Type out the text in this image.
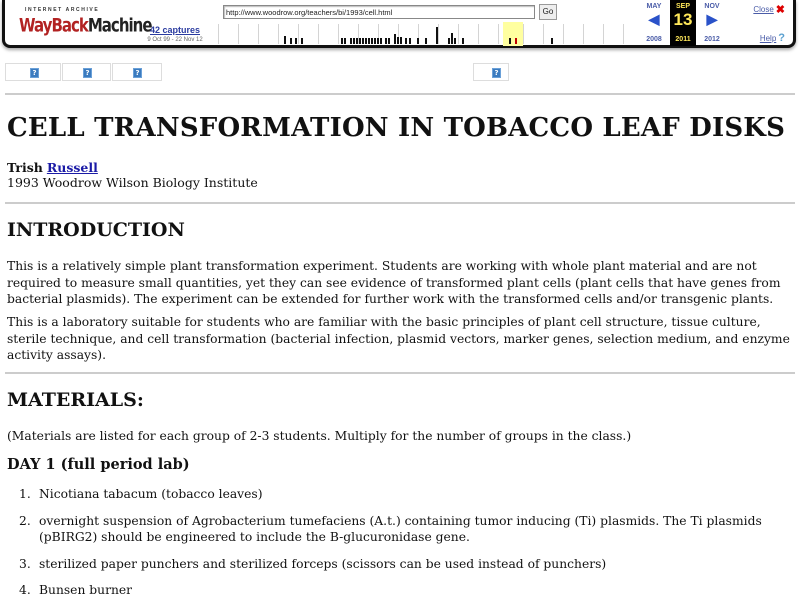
INTERNET ARCHIVE
WayBackMachine
42 captures
9 Oct 99 - 22 Nov 12
http://www.woodrow.org/teachers/bi/1993/cell.html
Go
MAY
◀
2008
SEP
13
2011
NOV
▶
2012
Close ✖
Help ?
?	?	?	?
CELL TRANSFORMATION IN TOBACCO LEAF DISKS
Trish Russell
1993 Woodrow Wilson Biology Institute
INTRODUCTION

This is a relatively simple plant transformation experiment. Students are working with whole plant material and are not required to measure small quantities, yet they can see evidence of transformed plant cells (plant cells that have genes from bacterial plasmids). The experiment can be extended for further work with the transformed cells and/or transgenic plants.

This is a laboratory suitable for students who are familiar with the basic principles of plant cell structure, tissue culture, sterile technique, and cell transformation (bacterial infection, plasmid vectors, marker genes, selection medium, and enzyme activity assays).

MATERIALS:

(Materials are listed for each group of 2-3 students. Multiply for the number of groups in the class.)

DAY 1 (full period lab)
1. Nicotiana tabacum (tobacco leaves)
2. overnight suspension of Agrobacterium tumefaciens (A.t.) containing tumor inducing (Ti) plasmids. The Ti plasmids (pBIRG2) should be engineered to include the B-glucuronidase gene.
3. sterilized paper punchers and sterilized forceps (scissors can be used instead of punchers)
4. Bunsen burner
